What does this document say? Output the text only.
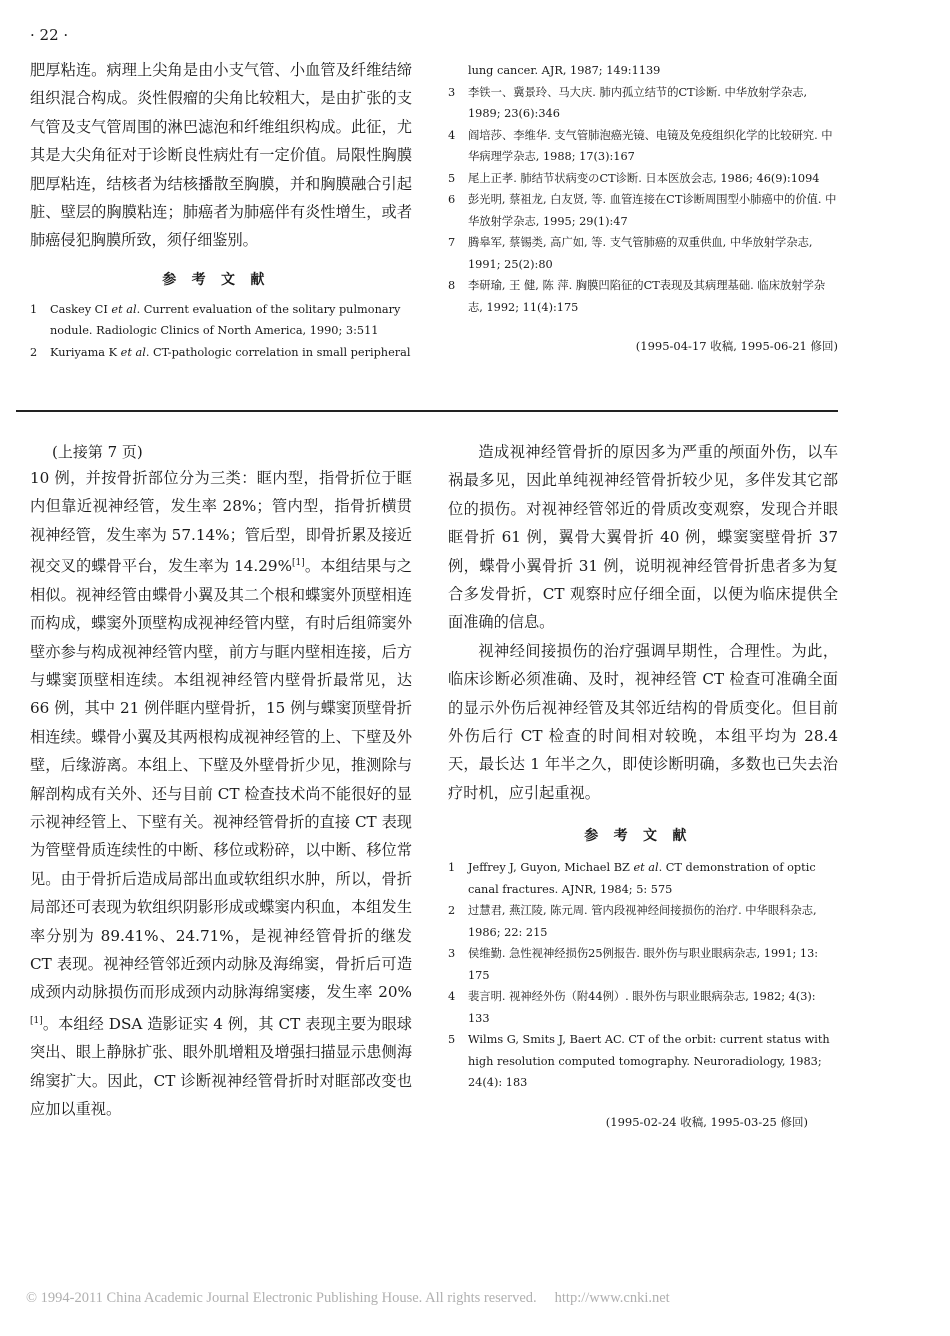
· 22 ·
肥厚粘连。病理上尖角是由小支气管、小血管及纤维结缔组织混合构成。炎性假瘤的尖角比较粗大，是由扩张的支气管及支气管周围的淋巴滤泡和纤维组织构成。此征，尤其是大尖角征对于诊断良性病灶有一定价值。局限性胸膜肥厚粘连，结核者为结核播散至胸膜，并和胸膜融合引起脏、壁层的胸膜粘连；肺癌者为肺癌伴有炎性增生，或者肺癌侵犯胸膜所致，须仔细鉴别。
参考文献
1 Caskey CI et al. Current evaluation of the solitary pulmonary nodule. Radiologic Clinics of North America, 1990; 3:511
2 Kuriyama K et al. CT-pathologic correlation in small peripheral
lung cancer. AJR, 1987; 149:1139
3 李铁一、冀景玲、马大庆. 肺内孤立结节的CT诊断. 中华放射学杂志, 1989; 23(6):346
4 阎培莎、李维华. 支气管肺泡癌光镜、电镜及免疫组织化学的比较研究. 中华病理学杂志, 1988; 17(3):167
5 尾上正孝. 肺结节状病变のCT诊断. 日本医放会志, 1986; 46(9):1094
6 彭光明, 蔡祖龙, 白友贤, 等. 血管连接在CT诊断周围型小肺癌中的价值. 中华放射学杂志, 1995; 29(1):47
7 腾皋军, 蔡锡类, 高广如, 等. 支气管肺癌的双重供血, 中华放射学杂志, 1991; 25(2):80
8 李研瑜, 王 健, 陈 萍. 胸膜凹陷征的CT表现及其病理基础. 临床放射学杂志, 1992; 11(4):175
(1995-04-17 收稿, 1995-06-21 修回)
(上接第 7 页)
10 例，并按骨折部位分为三类：眶内型，指骨折位于眶内但靠近视神经管，发生率 28%；管内型，指骨折横贯视神经管，发生率为 57.14%；管后型，即骨折累及接近视交叉的蝶骨平台，发生率为 14.29%[1]。本组结果与之相似。视神经管由蝶骨小翼及其二个根和蝶窦外顶壁相连而构成，蝶窦外顶壁构成视神经管内壁，有时后组筛窦外壁亦参与构成视神经管内壁，前方与眶内壁相连接，后方与蝶窦顶壁相连续。本组视神经管内壁骨折最常见，达 66 例，其中 21 例伴眶内壁骨折，15 例与蝶窦顶壁骨折相连续。蝶骨小翼及其两根构成视神经管的上、下壁及外壁，后缘游离。本组上、下壁及外壁骨折少见，推测除与解剖构成有关外、还与目前 CT 检查技术尚不能很好的显示视神经管上、下壁有关。视神经管骨折的直接 CT 表现为管壁骨质连续性的中断、移位或粉碎，以中断、移位常见。由于骨折后造成局部出血或软组织水肿，所以，骨折局部还可表现为软组织阴影形成或蝶窦内积血，本组发生率分别为 89.41%、24.71%，是视神经管骨折的继发 CT 表现。视神经管邻近颈内动脉及海绵窦，骨折后可造成颈内动脉损伤而形成颈内动脉海绵窦瘘，发生率 20%[1]。本组经 DSA 造影证实 4 例，其 CT 表现主要为眼球突出、眼上静脉扩张、眼外肌增粗及增强扫描显示患侧海绵窦扩大。因此，CT 诊断视神经管骨折时对眶部改变也应加以重视。

造成视神经管骨折的原因多为严重的颅面外伤，以车祸最多见，因此单纯视神经管骨折较少见，多伴发其它部位的损伤。对视神经管邻近的骨质改变观察，发现合并眼眶骨折 61 例，翼骨大翼骨折 40 例，蝶窦窦壁骨折 37 例，蝶骨小翼骨折 31 例，说明视神经管骨折患者多为复合多发骨折，CT 观察时应仔细全面，以便为临床提供全面准确的信息。

视神经间接损伤的治疗强调早期性，合理性。为此，临床诊断必须准确、及时，视神经管 CT 检查可准确全面的显示外伤后视神经管及其邻近结构的骨质变化。但目前外伤后行 CT 检查的时间相对较晚，本组平均为 28.4 天，最长达 1 年半之久，即使诊断明确，多数也已失去治疗时机，应引起重视。

参考文献
1 Jeffrey J, Guyon, Michael BZ et al. CT demonstration of optic canal fractures. AJNR, 1984; 5: 575
2 过慧君, 燕江陵, 陈元周. 管内段视神经间接损伤的治疗. 中华眼科杂志, 1986; 22: 215
3 侯维勤. 急性视神经损伤25例报告. 眼外伤与职业眼病杂志, 1991; 13: 175
4 裴言明. 视神经外伤（附44例）. 眼外伤与职业眼病杂志, 1982; 4(3): 133
5 Wilms G, Smits J, Baert AC. CT of the orbit: current status with high resolution computed tomography. Neuroradiology, 1983; 24(4): 183
(1995-02-24 收稿, 1995-03-25 修回)
© 1994-2011 China Academic Journal Electronic Publishing House. All rights reserved. http://www.cnki.net
